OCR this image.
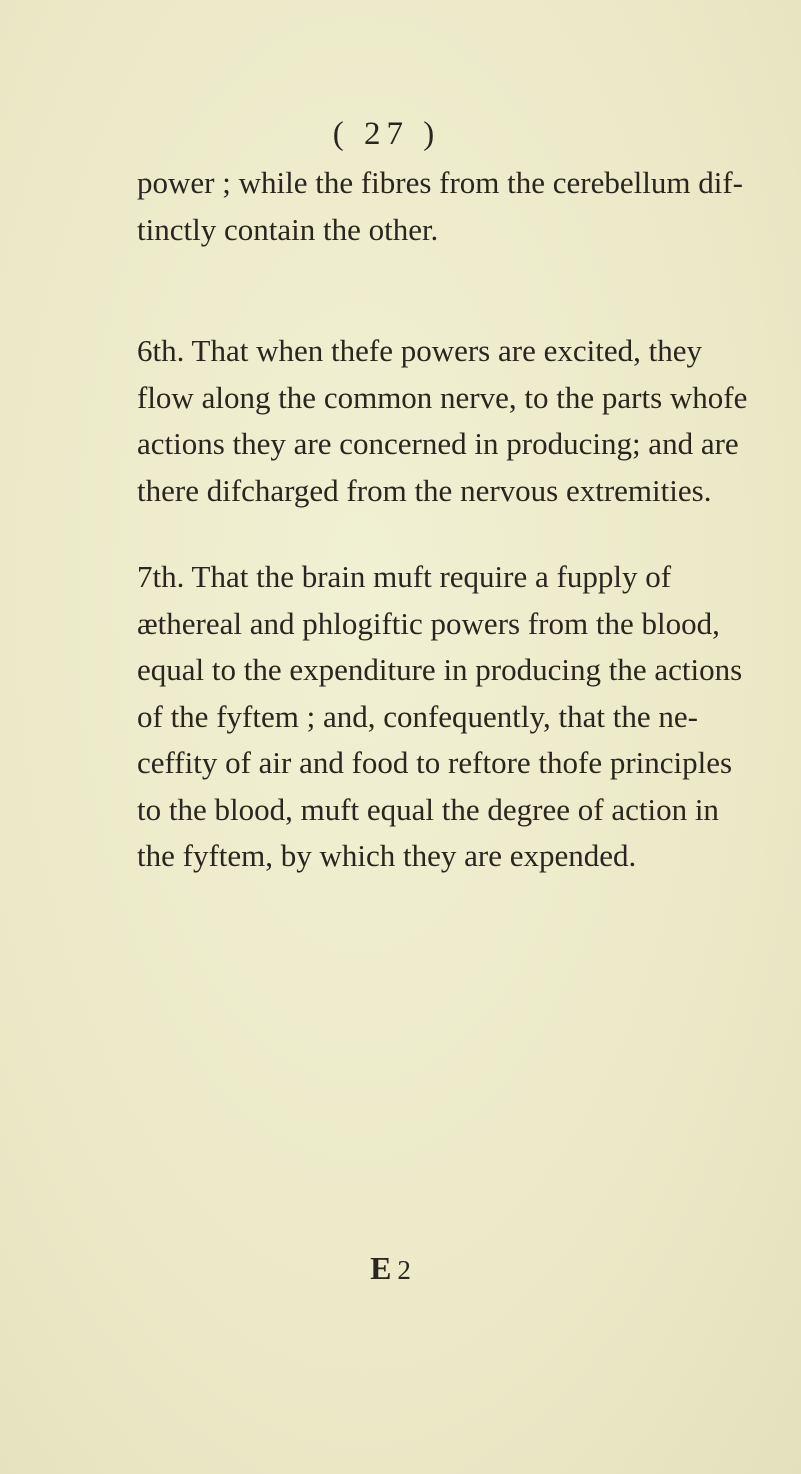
( 27 )
power ; while the fibres from the cerebellum dif-
tinctly contain the other.
6th. That when thefe powers are excited, they
flow along the common nerve, to the parts whofe
actions they are concerned in producing; and are
there difcharged from the nervous extremities.
7th. That the brain muft require a fupply of
æthereal and phlogiftic powers from the blood,
equal to the expenditure in producing the actions
of the fyftem ; and, confequently, that the ne-
ceffity of air and food to reftore thofe principles
to the blood, muft equal the degree of action in
the fyftem, by which they are expended.
E 2
